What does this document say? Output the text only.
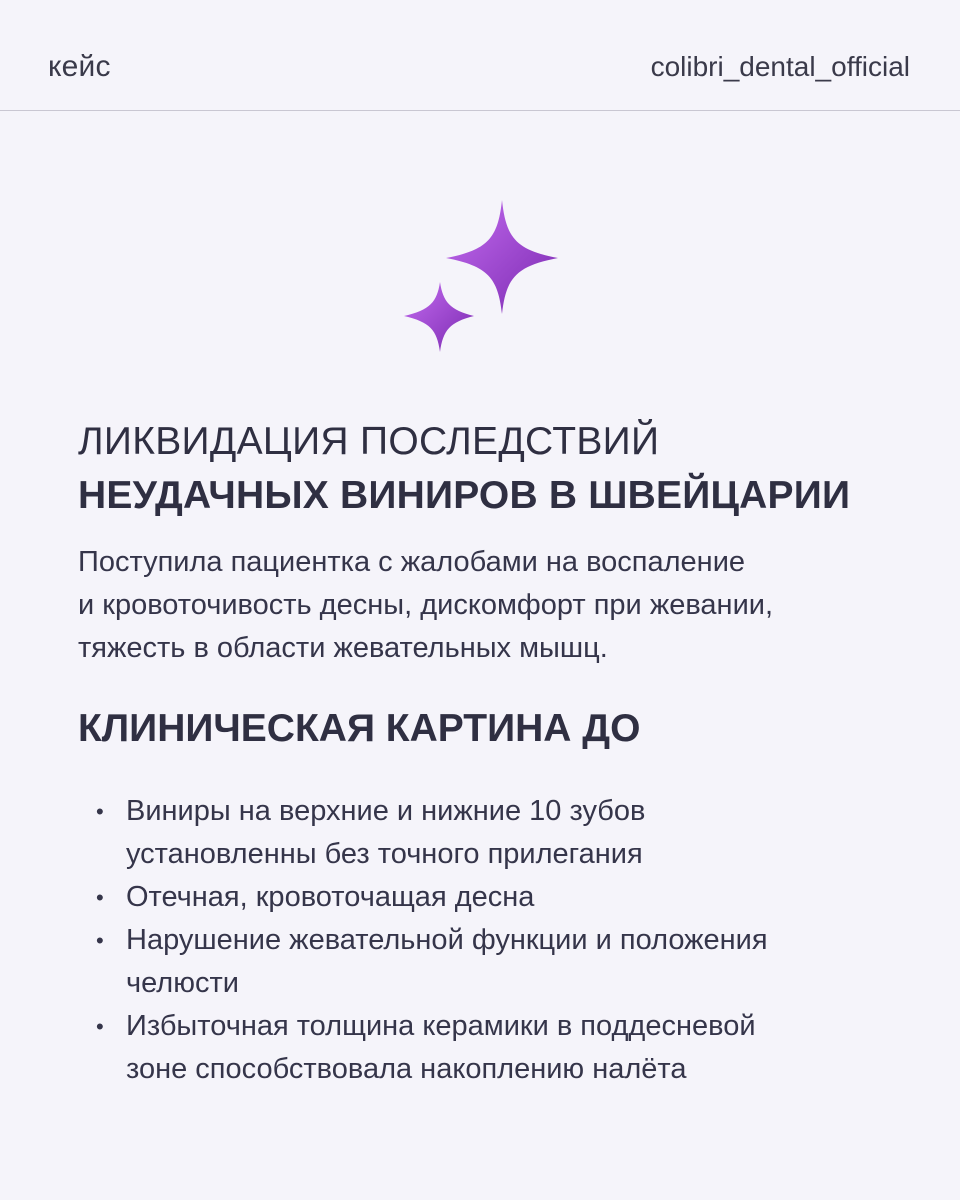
кейс	colibri_dental_official
ЛИКВИДАЦИЯ ПОСЛЕДСТВИЙ
НЕУДАЧНЫХ ВИНИРОВ В ШВЕЙЦАРИИ

Поступила пациентка с жалобами на воспаление
и кровоточивость десны, дискомфорт при жевании,
тяжесть в области жевательных мышц.

КЛИНИЧЕСКАЯ КАРТИНА ДО
• Виниры на верхние и нижние 10 зубов
установленны без точного прилегания
• Отечная, кровоточащая десна
• Нарушение жевательной функции и положения
челюсти
• Избыточная толщина керамики в поддесневой
зоне способствовала накоплению налёта
